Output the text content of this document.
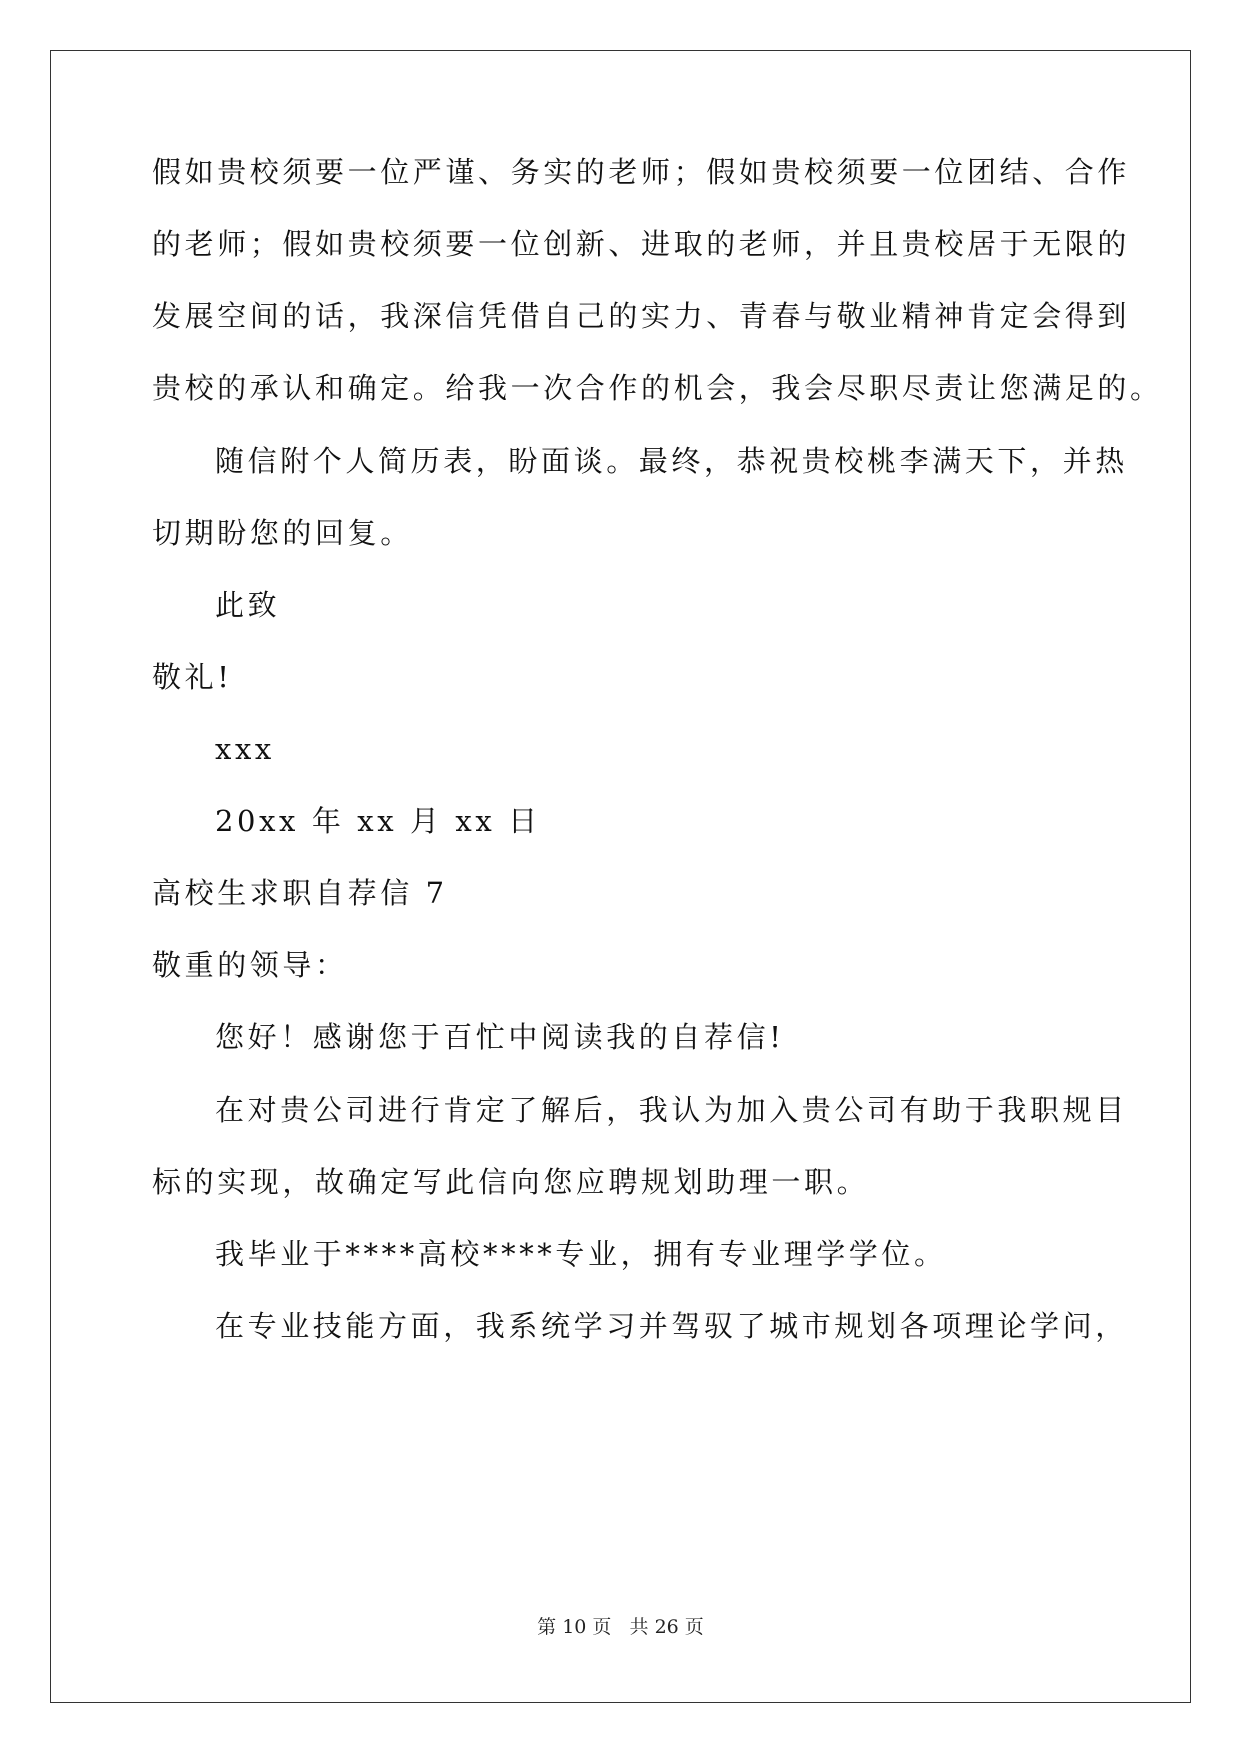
假如贵校须要一位严谨、务实的老师；假如贵校须要一位团结、合作
的老师；假如贵校须要一位创新、进取的老师，并且贵校居于无限的
发展空间的话，我深信凭借自己的实力、青春与敬业精神肯定会得到
贵校的承认和确定。给我一次合作的机会，我会尽职尽责让您满足的。
随信附个人简历表，盼面谈。最终，恭祝贵校桃李满天下，并热
切期盼您的回复。
此致
敬礼!
xxx
20xx 年 xx 月 xx 日
高校生求职自荐信 7
敬重的领导：
您好！感谢您于百忙中阅读我的自荐信!
在对贵公司进行肯定了解后，我认为加入贵公司有助于我职规目
标的实现，故确定写此信向您应聘规划助理一职。
我毕业于****高校****专业，拥有专业理学学位。
在专业技能方面，我系统学习并驾驭了城市规划各项理论学问，
第 10 页   共 26 页
